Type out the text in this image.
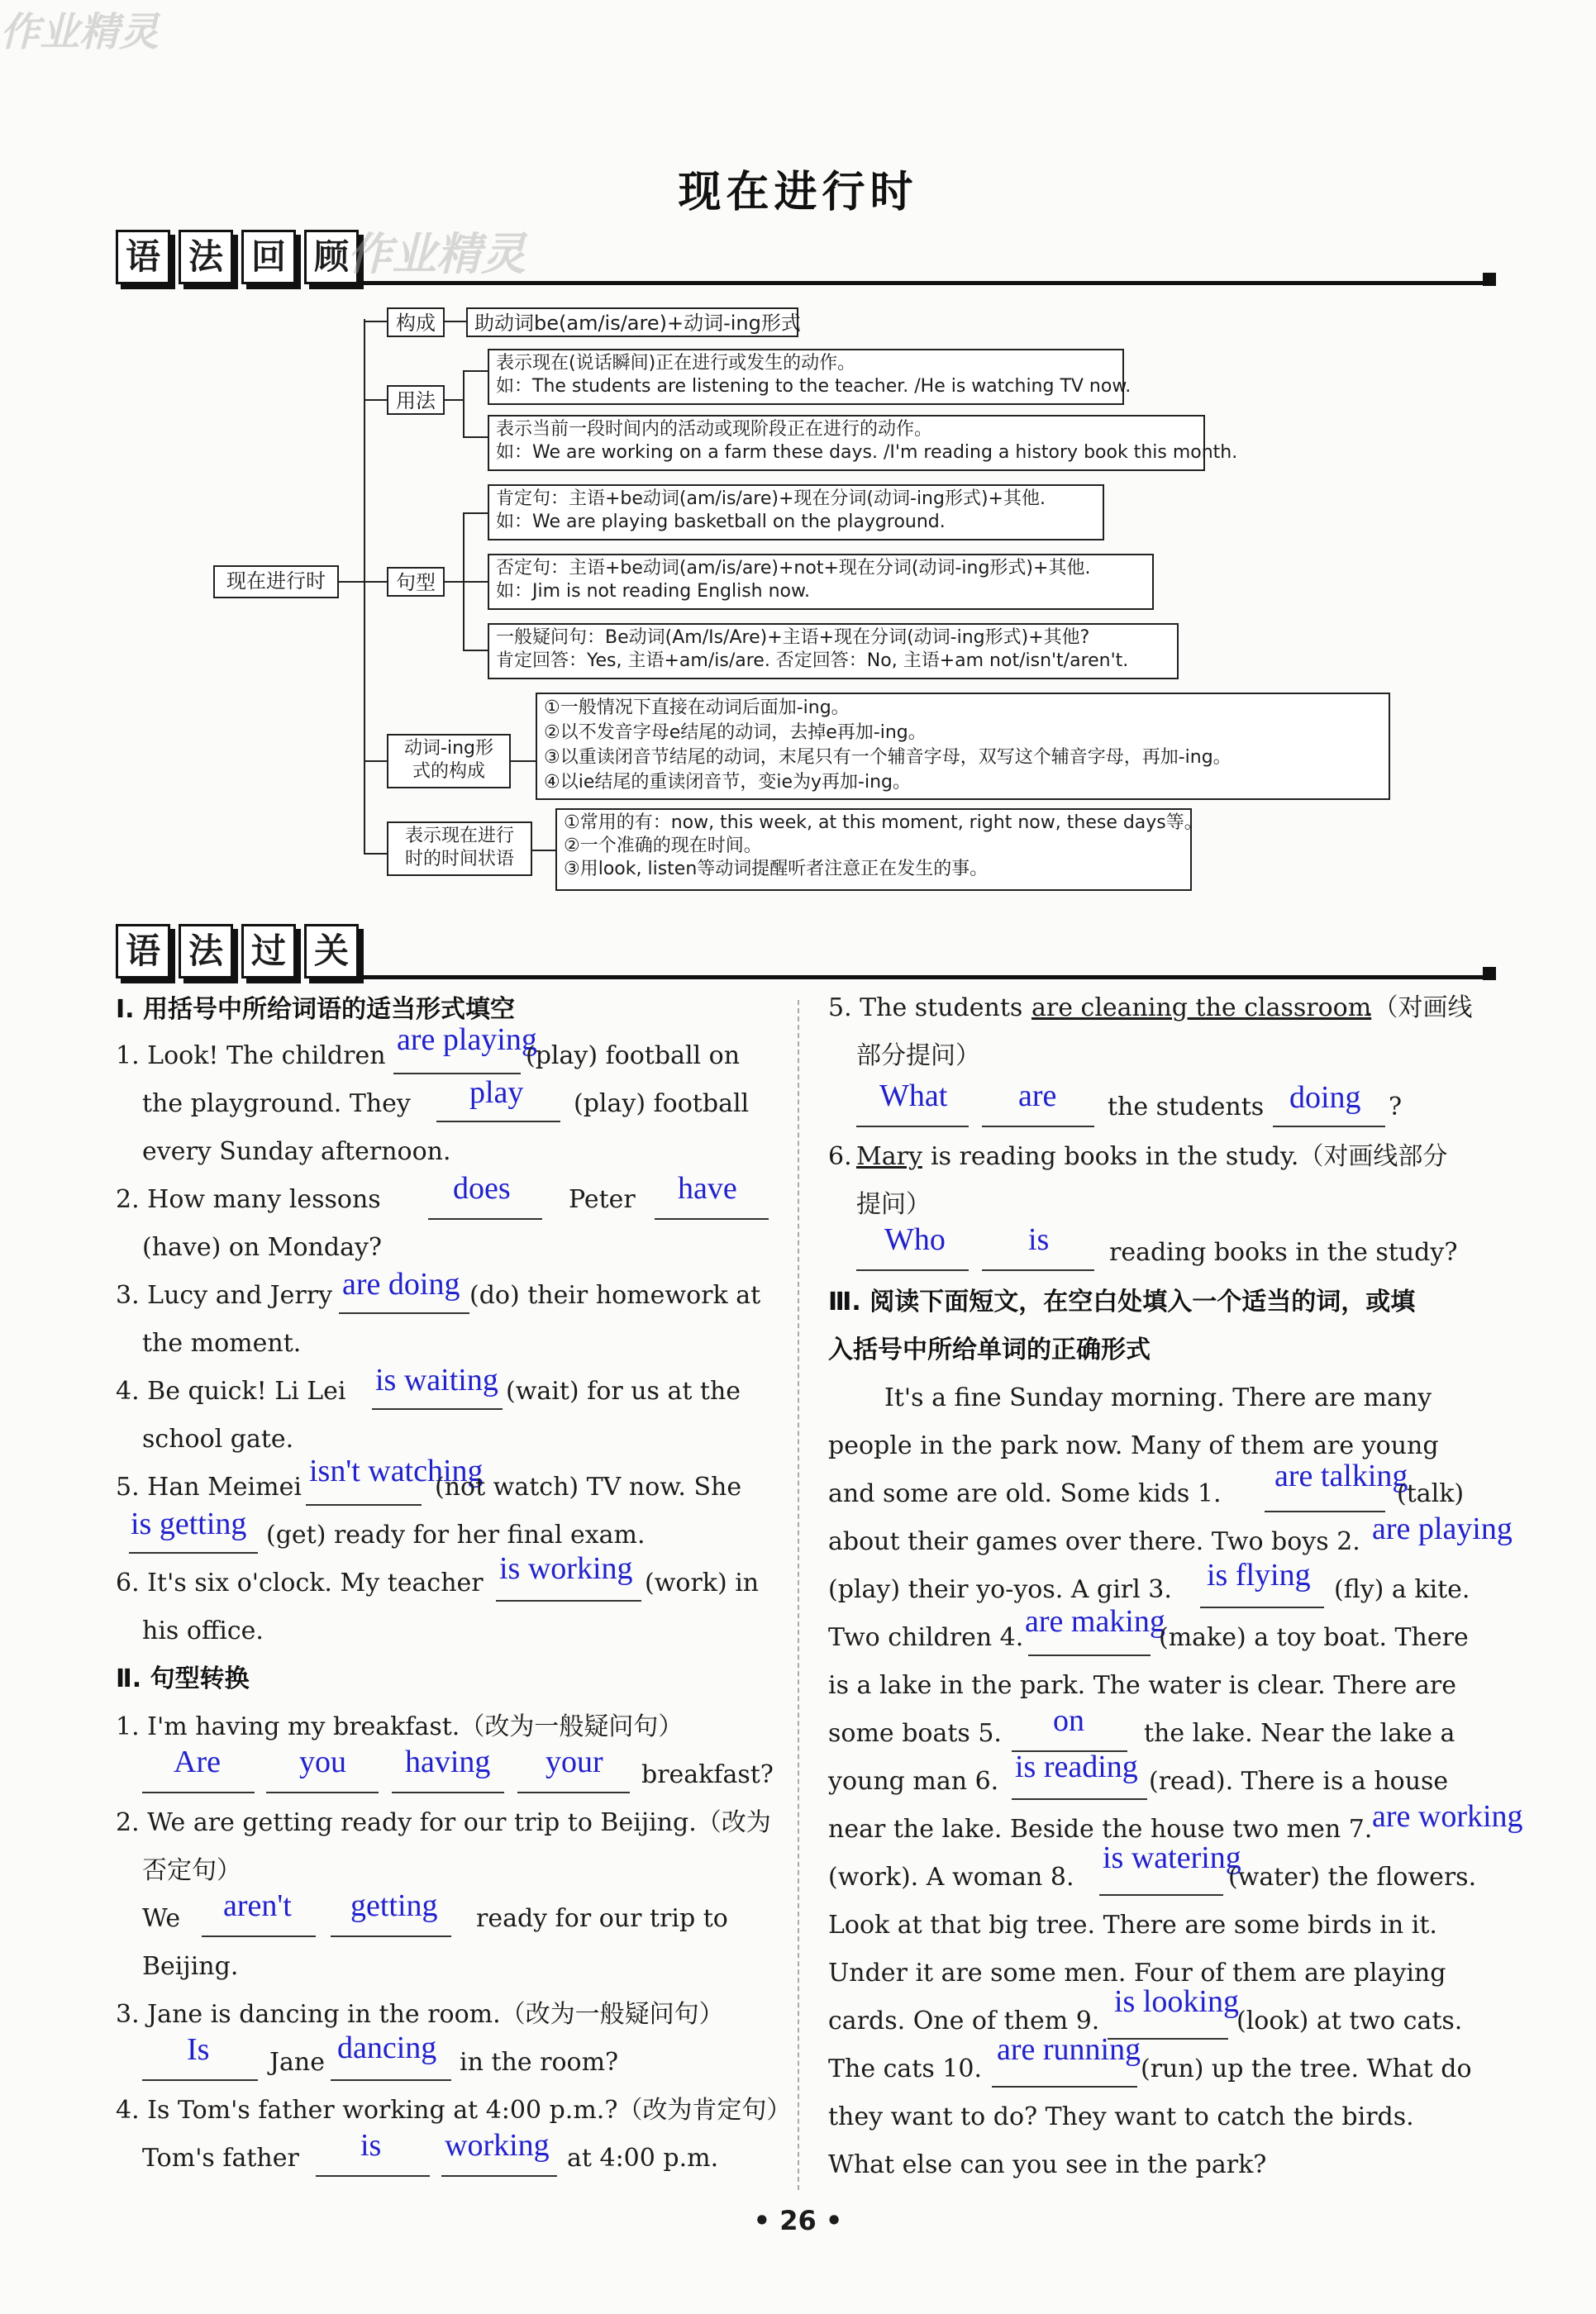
现在进行时
语 法 回 顾
作业精灵
现在进行时
构成	助动词be(am/is/are)+动词-ing形式
用法
表示现在(说话瞬间)正在进行或发生的动作。
如：The students are listening to the teacher. /He is watching TV now.
表示当前一段时间内的活动或现阶段正在进行的动作。
如：We are working on a farm these days. /I'm reading a history book this month.
句型
肯定句：主语+be动词(am/is/are)+现在分词(动词-ing形式)+其他.
如：We are playing basketball on the playground.
否定句：主语+be动词(am/is/are)+not+现在分词(动词-ing形式)+其他.
如：Jim is not reading English now.
一般疑问句：Be动词(Am/Is/Are)+主语+现在分词(动词-ing形式)+其他?
肯定回答：Yes, 主语+am/is/are. 否定回答：No, 主语+am not/isn't/aren't.
动词-ing形
式的构成
①一般情况下直接在动词后面加-ing。
②以不发音字母e结尾的动词，去掉e再加-ing。
③以重读闭音节结尾的动词，末尾只有一个辅音字母，双写这个辅音字母，再加-ing。
④以ie结尾的重读闭音节，变ie为y再加-ing。
表示现在进行
时的时间状语
①常用的有：now, this week, at this moment, right now, these days等。
②一个准确的现在时间。
③用look, listen等动词提醒听者注意正在发生的事。
语 法 过 关
Ⅰ. 用括号中所给词语的适当形式填空
1. Look! The children are playing
(play) football on
the playground. They play (play) football
every Sunday afternoon.
作业精灵
2. How many lessons does Peter have
(have) on Monday?
3. Lucy and Jerry are doing (do) their homework at
the moment.
4. Be quick! Li Lei is waiting (wait) for us at the
school gate.
5. Han Meimei isn't watching
(not watch) TV now. She
is getting (get) ready for her final exam.
6. It's six o'clock. My teacher is working (work) in
his office.
Ⅱ. 句型转换
1. I'm having my breakfast.（改为一般疑问句）
Are	you having your breakfast?
2. We are getting ready for our trip to Beijing.（改为
否定句）
We aren't getting ready for our trip to
Beijing.
3. Jane is dancing in the room.（改为一般疑问句）
Is Jane dancing in the room?
4. Is Tom's father working at 4:00 p.m.?（改为肯定句）
Tom's father is working at 4:00 p.m.
5. The students are cleaning the classroom
.（对画线
部分提问）
What are the students doing ?
6. Mary is reading books in the study.（对画线部分
提问）
Who	is reading books in the study?
Ⅲ. 阅读下面短文，在空白处填入一个适当的词，或填
入括号中所给单词的正确形式
It's a fine Sunday morning. There are many
people in the park now. Many of them are young
and some are old. Some kids 1.
are talking
(talk)
about their games over there. Two boys 2. are playing
(play) their yo-yos. A girl 3. is flying (fly) a kite.
Two children 4. are making
(make) a toy boat. There
is a lake in the park. The water is clear. There are
some boats 5. on the lake. Near the lake a
young man 6. is reading (read). There is a house
near the lake. Beside the house two men 7. are working
(work). A woman 8.
is watering
(water) the flowers.
Look at that big tree. There are some birds in it.
Under it are some men. Four of them are playing
cards. One of them 9.
is looking
(look) at two cats.
The cats 10.
are running
(run) up the tree. What do
they want to do? They want to catch the birds.
What else can you see in the park?
• 26 •
